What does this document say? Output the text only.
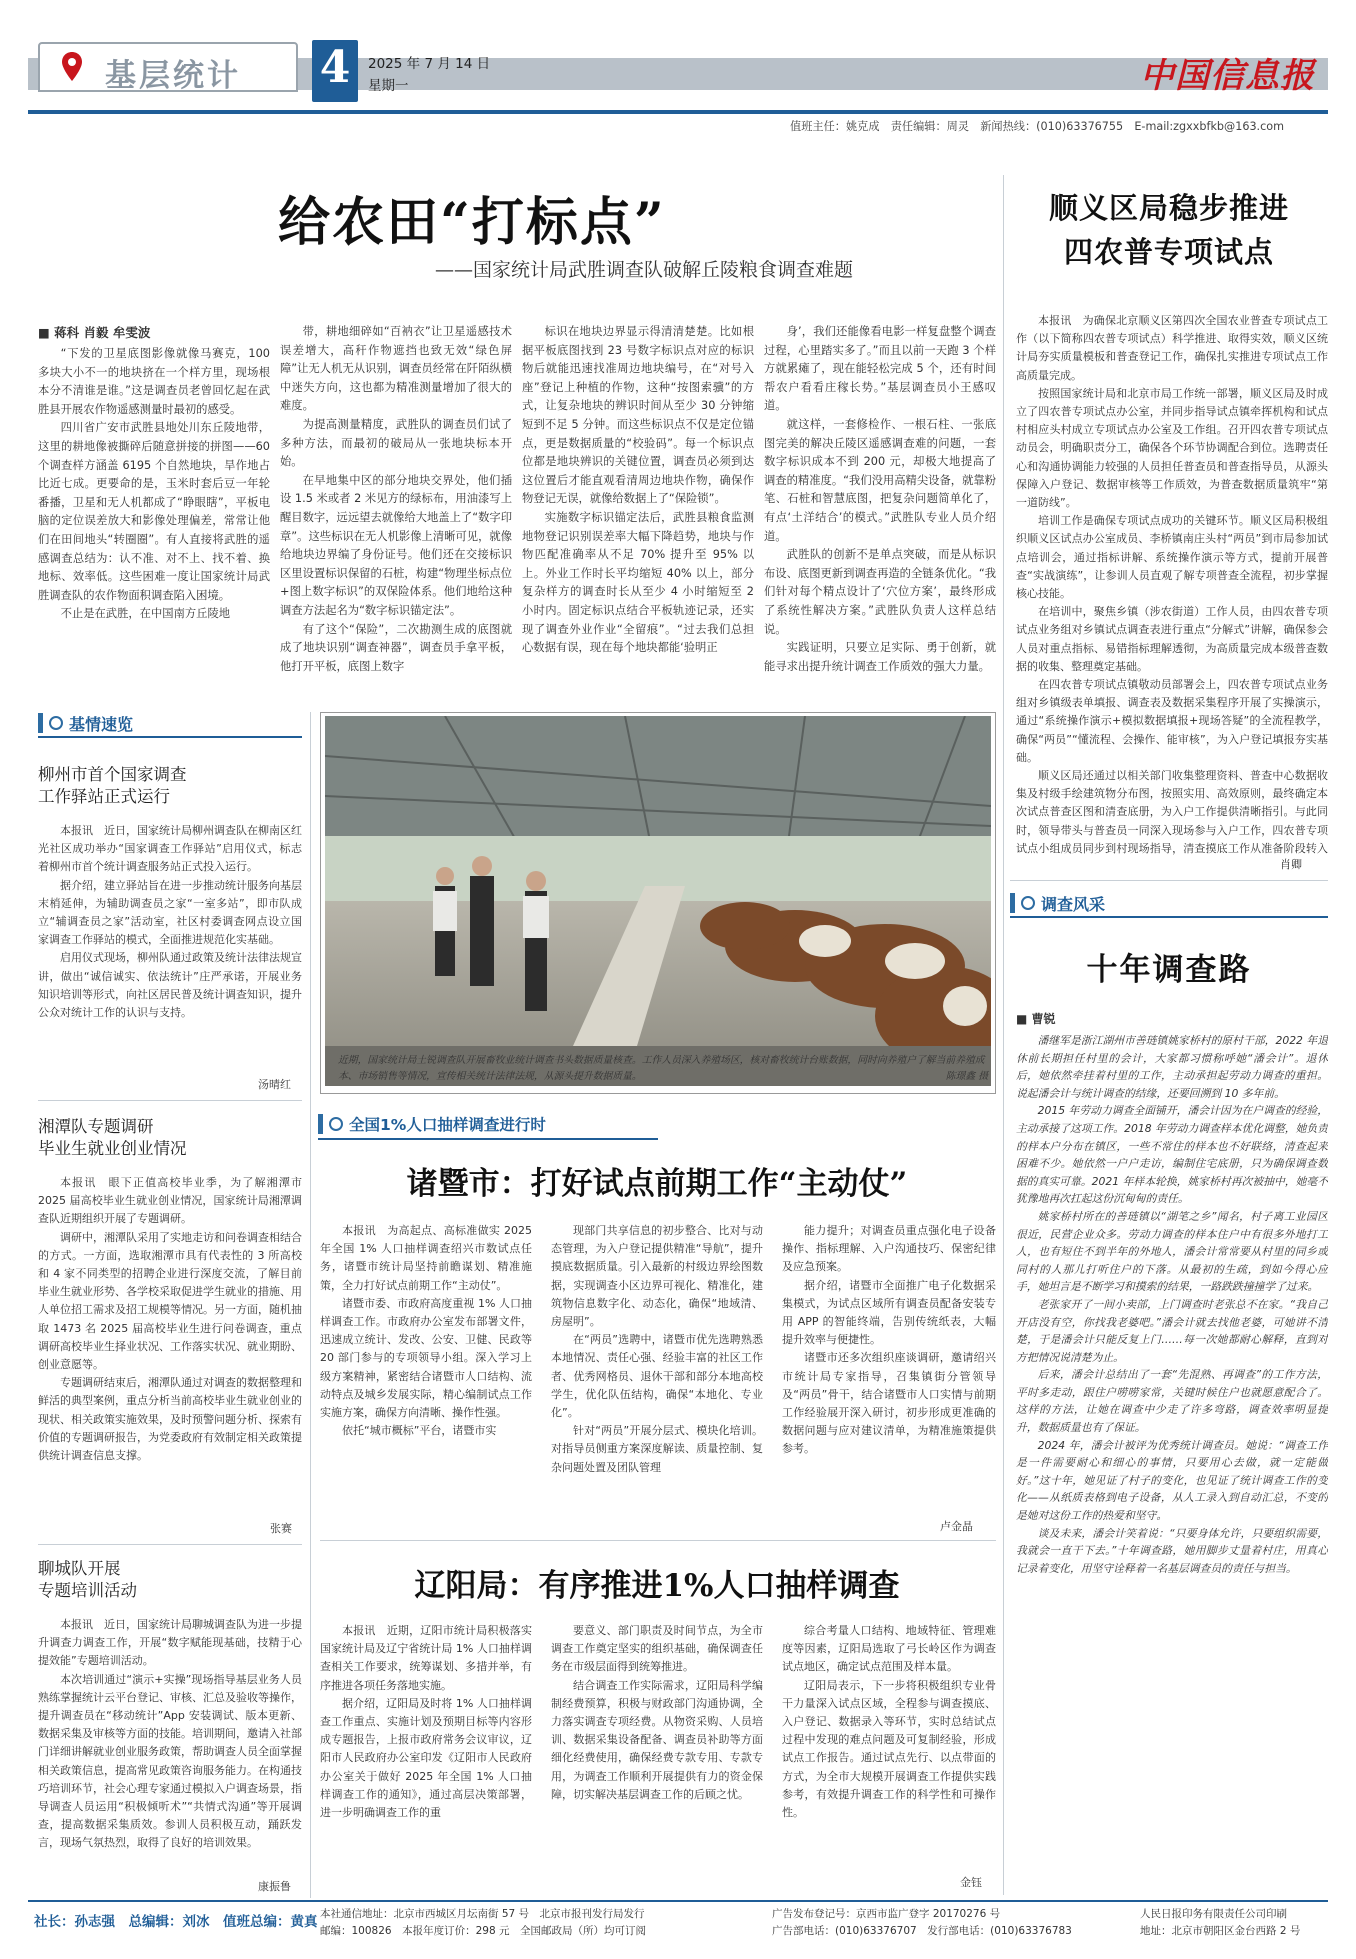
基层统计 4	2025 年 7 月 14 日
星期一	中国信息报
值班主任：姚克成　责任编辑：周灵　新闻热线：(010)63376755　E-mail:zgxxbfkb@163.com
给农田“打标点”
——国家统计局武胜调查队破解丘陵粮食调查难题
■ 蒋科 肖毅 牟雯波

“下发的卫星底图影像就像马赛克，100 多块大小不一的地块挤在一个样方里，现场根本分不清谁是谁。”这是调查员老曾回忆起在武胜县开展农作物遥感测量时最初的感受。

四川省广安市武胜县地处川东丘陵地带，这里的耕地像被撕碎后随意拼接的拼图——60 个调查样方涵盖 6195 个自然地块，旱作地占比近七成。更要命的是，玉米时套后豆一年轮番播，卫星和无人机都成了“睁眼瞎”，平板电脑的定位误差放大和影像处理偏差，常常让他们在田间地头“转圈圈”。有人直接将武胜的遥感调查总结为：认不准、对不上、找不着、换地标、效率低。这些困难一度让国家统计局武胜调查队的农作物面积调查陷入困境。

不止是在武胜，在中国南方丘陵地

带，耕地细碎如“百衲衣”让卫星遥感技术误差增大，高秆作物遮挡也致无效“绿色屏障”让无人机无从识别，调查员经常在阡陌纵横中迷失方向，这也都为精准测量增加了很大的难度。

为提高测量精度，武胜队的调查员们试了多种方法，而最初的破局从一张地块标本开始。

在早地集中区的部分地块交界处，他们插设 1.5 米或者 2 米见方的绿标布，用油漆写上醒目数字，远远望去就像给大地盖上了“数字印章”。这些标识在无人机影像上清晰可见，就像给地块边界编了身份证号。他们还在交接标识区里设置标识保留的石桩，构建“物理坐标点位+图上数字标识”的双保险体系。他们地给这种调查方法起名为“数字标识锚定法”。

有了这个“保险”，二次勘测生成的底图就成了地块识别“调查神器”，调查员手拿平板，他打开平板，底图上数字

标识在地块边界显示得清清楚楚。比如根据平板底图找到 23 号数字标识点对应的标识物后就能迅速找准周边地块编号，在“对号入座”登记上种植的作物，这种“按图索骥”的方式，让复杂地块的辨识时间从至少 30 分钟缩短到不足 5 分钟。而这些标识点不仅是定位锚点，更是数据质量的“校验码”。每一个标识点位都是地块辨识的关键位置，调查员必须到达这位置后才能直观看清周边地块作物，确保作物登记无误，就像给数据上了“保险锁”。

实施数字标识锚定法后，武胜县粮食监测地物登记识别误差率大幅下降趋势，地块与作物匹配准确率从不足 70% 提升至 95% 以上。外业工作时长平均缩短 40% 以上，部分复杂样方的调查时长从至少 4 小时缩短至 2 小时内。固定标识点结合平板轨迹记录，还实现了调查外业作业“全留痕”。“过去我们总担心数据有误，现在每个地块都能‘验明正

身’，我们还能像看电影一样复盘整个调查过程，心里踏实多了。”而且以前一天跑 3 个样方就累瘫了，现在能轻松完成 5 个，还有时间帮农户看看庄稼长势。”基层调查员小王感叹道。

就这样，一套修检作、一根石柱、一张底图完美的解决丘陵区遥感调查难的问题，一套数字标识成本不到 200 元，却极大地提高了调查的精准度。“我们没用高精尖设备，就靠粉笔、石桩和智慧底图，把复杂问题简单化了，有点‘土洋结合’的模式。”武胜队专业人员介绍道。

武胜队的创新不是单点突破，而是从标识布设、底图更新到调查再造的全链条优化。“我们针对每个精点设计了‘穴位方案’，最终形成了系统性解决方案。”武胜队负责人这样总结说。

实践证明，只要立足实际、勇于创新，就能寻求出提升统计调查工作质效的强大力量。

近期，国家统计局土锐调查队开展畜牧业统计调查书头数据质量核查。工作人员深入养殖场区，核对畜牧统计台账数据，同时向养殖户了解当前养殖成本、市场销售等情况，宣传相关统计法律法规，从源头提升数据质量。	陈璟鑫 摄
顺义区局稳步推进
四农普专项试点

本报讯　为确保北京顺义区第四次全国农业普查专项试点工作（以下简称四农普专项试点）科学推进、取得实效，顺义区统计局夯实质量模板和普查登记工作，确保扎实推进专项试点工作高质量完成。

按照国家统计局和北京市局工作统一部署，顺义区局及时成立了四农普专项试点办公室，并同步指导试点镇牵挥机构和试点村相应头村成立专项试点办公室及工作组。召开四农普专项试点动员会，明确职责分工，确保各个环节协调配合到位。选聘责任心和沟通协调能力较强的人员担任普查员和普查指导员，从源头保障入户登记、数据审核等工作质效，为普查数据质量筑牢“第一道防线”。

培训工作是确保专项试点成功的关键环节。顺义区局积极组织顺义区试点办公室成员、李桥镇南庄头村“两员”到市局参加试点培训会，通过指标讲解、系统操作演示等方式，提前开展普查“实战演练”，让参训人员直观了解专项普查全流程，初步掌握核心技能。

在培训中，聚焦乡镇（涉农街道）工作人员，由四农普专项试点业务组对乡镇试点调查表进行重点“分解式”讲解，确保参会人员对重点指标、易错指标理解透彻，为高质量完成本级普查数据的收集、整理奠定基础。

在四农普专项试点镇敬动员部署会上，四农普专项试点业务组对乡镇级表单填报、调查表及数据采集程序开展了实操演示，通过“系统操作演示+模拟数据填报+现场答疑”的全流程教学，确保“两员”“懂流程、会操作、能审核”，为入户登记填报夯实基础。

顺义区局还通过以相关部门收集整理资料、普查中心数据收集及村级手绘建筑物分布图，按照实用、高效原则，最终确定本次试点普查区图和清查底册，为入户工作提供清晰指引。与此同时，领导带头与普查员一同深入现场参与入户工作，四农普专项试点小组成员同步到村现场指导，清查摸底工作从准备阶段转入

肖卿
基情速览
柳州市首个国家调查
工作驿站正式运行

本报讯　近日，国家统计局柳州调查队在柳南区红光社区成功举办“国家调查工作驿站”启用仪式，标志着柳州市首个统计调查服务站正式投入运行。

据介绍，建立驿站旨在进一步推动统计服务向基层末梢延伸，为辅助调查员之家“一室多站”，即市队成立“辅调查员之家”活动室，社区村委调查网点设立国家调查工作驿站的模式，全面推进规范化实基础。

启用仪式现场，柳州队通过政策及统计法律法规宣讲，做出“诚信诚实、依法统计”庄严承诺，开展业务知识培训等形式，向社区居民普及统计调查知识，提升公众对统计工作的认识与支持。

汤晴红
湘潭队专题调研
毕业生就业创业情况

本报讯　眼下正值高校毕业季，为了解湘潭市 2025 届高校毕业生就业创业情况，国家统计局湘潭调查队近期组织开展了专题调研。

调研中，湘潭队采用了实地走访和问卷调查相结合的方式。一方面，选取湘潭市具有代表性的 3 所高校和 4 家不同类型的招聘企业进行深度交流，了解目前毕业生就业形势、各学校采取促进学生就业的措施、用人单位招工需求及招工规模等情况。另一方面，随机抽取 1473 名 2025 届高校毕业生进行问卷调查，重点调研高校毕业生择业状况、工作落实状况、就业期盼、创业意愿等。

专题调研结束后，湘潭队通过对调查的数据整理和鲜活的典型案例，重点分析当前高校毕业生就业创业的现状、相关政策实施效果，及时预警问题分析、探索有价值的专题调研报告，为党委政府有效制定相关政策提供统计调查信息支撑。

张赛
聊城队开展
专题培训活动

本报讯　近日，国家统计局聊城调查队为进一步提升调查力调查工作，开展“数字赋能现基础，技精于心提效能”专题培训活动。

本次培训通过“演示+实操”现场指导基层业务人员熟练掌握统计云平台登记、审核、汇总及验收等操作，提升调查员在“移动统计”App 安装调试、版本更新、数据采集及审核等方面的技能。培训期间，邀请入社部门详细讲解就业创业服务政策，帮助调查人员全面掌握相关政策信息，提高常见政策咨询服务能力。在构通技巧培训环节，社会心理专家通过模拟入户调查场景，指导调查人员运用“积极倾听术”“共情式沟通”等开展调查，提高数据采集质效。参训人员积极互动，踊跃发言，现场气氛热烈，取得了良好的培训效果。

康振鲁
全国1%人口抽样调查进行时
诸暨市：打好试点前期工作“主动仗”

本报讯　为高起点、高标准做实 2025 年全国 1% 人口抽样调查绍兴市数试点任务，诸暨市统计局坚持前瞻谋划、精准施策，全力打好试点前期工作“主动仗”。

诸暨市委、市政府高度重视 1% 人口抽样调查工作。市政府办公室发布部署文件，迅速成立统计、发改、公安、卫健、民政等 20 部门参与的专项领导小组。深入学习上级方案精神，紧密结合诸暨市人口结构、流动特点及城乡发展实际，精心编制试点工作实施方案，确保方向清晰、操作性强。

依托“城市概标”平台，诸暨市实

现部门共享信息的初步整合、比对与动态管理，为入户登记提供精准“导航”，提升摸底数据质量。引入最新的村级边界绘图数据，实现调查小区边界可视化、精准化，建筑物信息数字化、动态化，确保“地域清、房屋明”。

在“两员”选聘中，诸暨市优先选聘熟悉本地情况、责任心强、经验丰富的社区工作者、优秀网格员、退休干部和部分本地高校学生，优化队伍结构，确保“本地化、专业化”。

针对“两员”开展分层式、模块化培训。对指导员侧重方案深度解读、质量控制、复杂问题处置及团队管理

能力提升；对调查员重点强化电子设备操作、指标理解、入户沟通技巧、保密纪律及应急预案。

据介绍，诸暨市全面推广电子化数据采集模式，为试点区域所有调查员配备安装专用 APP 的智能终端，告别传统纸表，大幅提升效率与便捷性。

诸暨市还多次组织座谈调研，邀请绍兴市统计局专家指导，召集镇街分管领导及“两员”骨干，结合诸暨市人口实情与前期工作经验展开深入研讨，初步形成更准确的数据问题与应对建议清单，为精准施策提供参考。

卢金晶
辽阳局：有序推进1%人口抽样调查

本报讯　近期，辽阳市统计局积极落实国家统计局及辽宁省统计局 1% 人口抽样调查相关工作要求，统筹谋划、多措并举，有序推进各项任务落地实施。

据介绍，辽阳局及时将 1% 人口抽样调查工作重点、实施计划及预期目标等内容形成专题报告，上报市政府常务会议审议，辽阳市人民政府办公室印发《辽阳市人民政府办公室关于做好 2025 年全国 1% 人口抽样调查工作的通知》，通过高层决策部署，进一步明确调查工作的重

要意义、部门职责及时间节点，为全市调查工作奠定坚实的组织基础，确保调查任务在市级层面得到统筹推进。

结合调查工作实际需求，辽阳局科学编制经费预算，积极与财政部门沟通协调，全力落实调查专项经费。从物资采购、人员培训、数据采集设备配备、调查员补助等方面细化经费使用，确保经费专款专用、专款专用，为调查工作顺利开展提供有力的资金保障，切实解决基层调查工作的后顾之忧。

综合考量人口结构、地域特征、管理难度等因素，辽阳局选取了弓长岭区作为调查试点地区，确定试点范围及样本量。

辽阳局表示，下一步将积极组织专业骨干力量深入试点区域，全程参与调查摸底、入户登记、数据录入等环节，实时总结试点过程中发现的难点问题及可复制经验，形成试点工作报告。通过试点先行、以点带面的方式，为全市大规模开展调查工作提供实践参考，有效提升调查工作的科学性和可操作性。

金钰
调查风采
十年调查路
■ 曹锐

潘继军是浙江湖州市善琏镇姚家桥村的原村干部，2022 年退休前长期担任村里的会计，大家都习惯称呼她“潘会计”。退休后，她依然牵挂着村里的工作，主动承担起劳动力调查的重担。说起潘会计与统计调查的结缘，还要回溯到 10 多年前。

2015 年劳动力调查全面铺开，潘会计因为在户调查的经验，主动承接了这项工作。2018 年劳动力调查样本优化调整，她负责的样本户分布在镇区，一些不常住的样本也不好联络，清查起来困难不少。她依然一户户走访，编制住宅底册，只为确保调查数据的真实可靠。2021 年样本轮换，姚家桥村再次被抽中，她毫不犹豫地再次扛起这份沉甸甸的责任。

姚家桥村所在的善琏镇以“湖笔之乡”闻名，村子离工业园区很近，民营企业众多。劳动力调查的样本住户中有很多外地打工人，也有短住不到半年的外地人，潘会计常常要从村里的同乡或同村的人那儿打听住户的下落。从最初的生疏，到如今得心应手，她坦言是不断学习和摸索的结果，一路跌跌撞撞学了过来。

老张家开了一间小卖部，上门调查时老张总不在家。“我自己开店没有空，你找我老婆吧。”潘会计就去找他老婆，可她讲不清楚，于是潘会计只能反复上门……每一次她都耐心解释，直到对方把情况说清楚为止。

后来，潘会计总结出了一套“先混熟、再调查”的工作方法，平时多走动，跟住户唠唠家常，关键时候住户也就愿意配合了。这样的方法，让她在调查中少走了许多弯路，调查效率明显提升，数据质量也有了保证。

2024 年，潘会计被评为优秀统计调查员。她说：“调查工作是一件需要耐心和细心的事情，只要用心去做，就一定能做好。”这十年，她见证了村子的变化，也见证了统计调查工作的变化——从纸质表格到电子设备，从人工录入到自动汇总，不变的是她对这份工作的热爱和坚守。

谈及未来，潘会计笑着说：“只要身体允许，只要组织需要，我就会一直干下去。”十年调查路，她用脚步丈量着村庄，用真心记录着变化，用坚守诠释着一名基层调查员的责任与担当。

社长：孙志强　总编辑：刘冰　值班总编：黄真 本社通信地址：北京市西城区月坛南街 57 号　北京市报刊发行局发行
邮编：100826　本报年度订价：298 元　全国邮政局（所）均可订阅
广告发布登记号：京西市监广登字 20170276 号
广告部电话：(010)63376707　发行部电话：(010)63376783
人民日报印务有限责任公司印刷
地址：北京市朝阳区金台西路 2 号
